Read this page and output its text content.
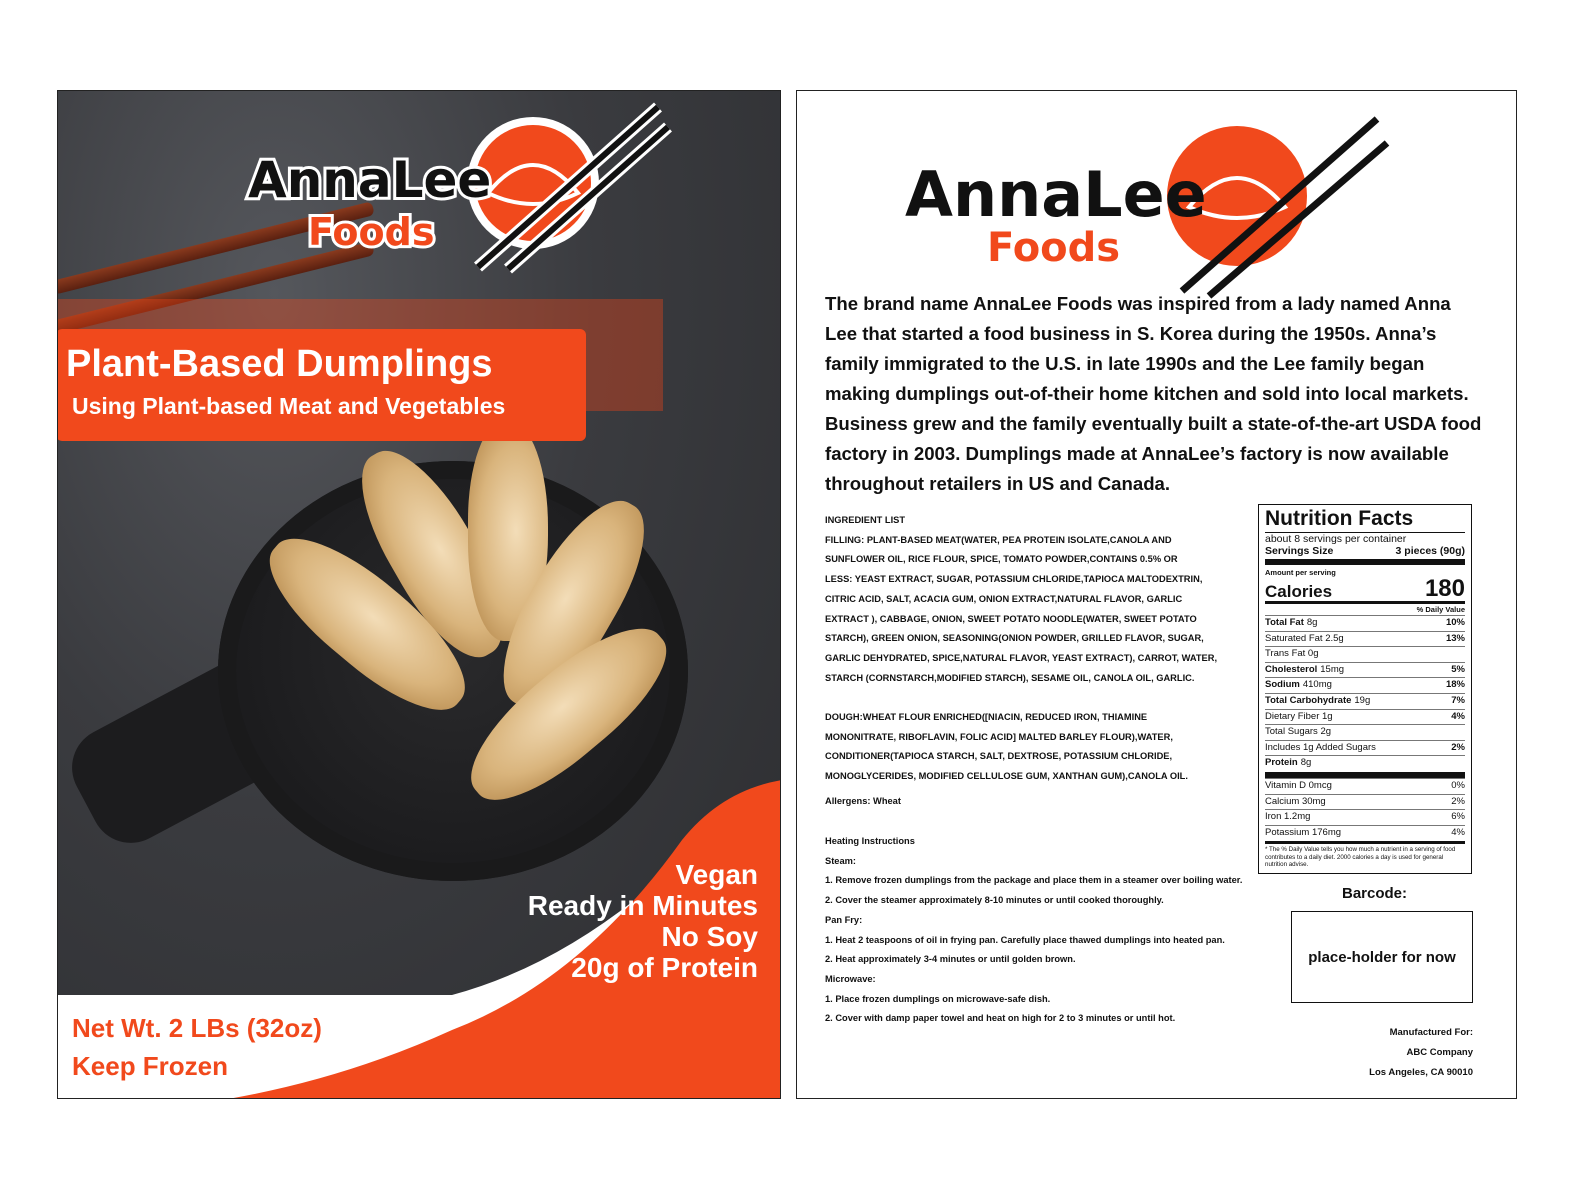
AnnaLee
Foods
Plant-Based Dumplings
Using Plant-based Meat and Vegetables
Vegan
Ready in Minutes
No Soy
20g of Protein
Net Wt. 2 LBs (32oz)
Keep Frozen
AnnaLee
Foods
The brand name AnnaLee Foods was inspired from a lady named Anna Lee that started a food business in S. Korea during the 1950s. Anna’s family immigrated to the U.S. in late 1990s and the Lee family began making dumplings out-of-their home kitchen and sold into local markets. Business grew and the family eventually built a state-of-the-art USDA food factory in 2003. Dumplings made at AnnaLee’s factory is now available throughout retailers in US and Canada.
INGREDIENT LIST
FILLING: PLANT-BASED MEAT(WATER, PEA PROTEIN ISOLATE,CANOLA AND
SUNFLOWER OIL, RICE FLOUR, SPICE, TOMATO POWDER,CONTAINS 0.5% OR
LESS: YEAST EXTRACT, SUGAR, POTASSIUM CHLORIDE,TAPIOCA MALTODEXTRIN,
CITRIC ACID, SALT, ACACIA GUM, ONION EXTRACT,NATURAL FLAVOR, GARLIC
EXTRACT ), CABBAGE, ONION, SWEET POTATO NOODLE(WATER, SWEET POTATO
STARCH), GREEN ONION, SEASONING(ONION POWDER, GRILLED FLAVOR, SUGAR,
GARLIC DEHYDRATED, SPICE,NATURAL FLAVOR, YEAST EXTRACT), CARROT, WATER,
STARCH (CORNSTARCH,MODIFIED STARCH), SESAME OIL, CANOLA OIL, GARLIC.
DOUGH:WHEAT FLOUR ENRICHED([NIACIN, REDUCED IRON, THIAMINE
MONONITRATE, RIBOFLAVIN, FOLIC ACID] MALTED BARLEY FLOUR),WATER,
CONDITIONER(TAPIOCA STARCH, SALT, DEXTROSE, POTASSIUM CHLORIDE,
MONOGLYCERIDES, MODIFIED CELLULOSE GUM, XANTHAN GUM),CANOLA OIL.
Allergens: Wheat
Heating Instructions
Steam:
1. Remove frozen dumplings from the package and place them in a steamer over boiling water.
2. Cover the steamer approximately 8-10 minutes or until cooked thoroughly.
Pan Fry:
1. Heat 2 teaspoons of oil in frying pan. Carefully place thawed dumplings into heated pan.
2. Heat approximately 3-4 minutes or until golden brown.
Microwave:
1. Place frozen dumplings on microwave-safe dish.
2. Cover with damp paper towel and heat on high for 2 to 3 minutes or until hot.
Nutrition Facts
about 8 servings per container
Servings Size	3 pieces (90g)
Amount per serving
Calories	180
% Daily Value
Total Fat 8g	10%
Saturated Fat 2.5g	13%
Trans Fat 0g
Cholesterol 15mg	5%
Sodium 410mg	18%
Total Carbohydrate 19g	7%
Dietary Fiber 1g	4%
Total Sugars 2g
Includes 1g Added Sugars	2%
Protein 8g
Vitamin D 0mcg	0%
Calcium 30mg	2%
Iron 1.2mg	6%
Potassium 176mg	4%
* The % Daily Value tells you how much a nutrient in a serving of food contributes to a daily diet. 2000 calories a day is used for general nutrition advise.
Barcode:
place-holder for now
Manufactured For:
ABC Company
Los Angeles, CA 90010
